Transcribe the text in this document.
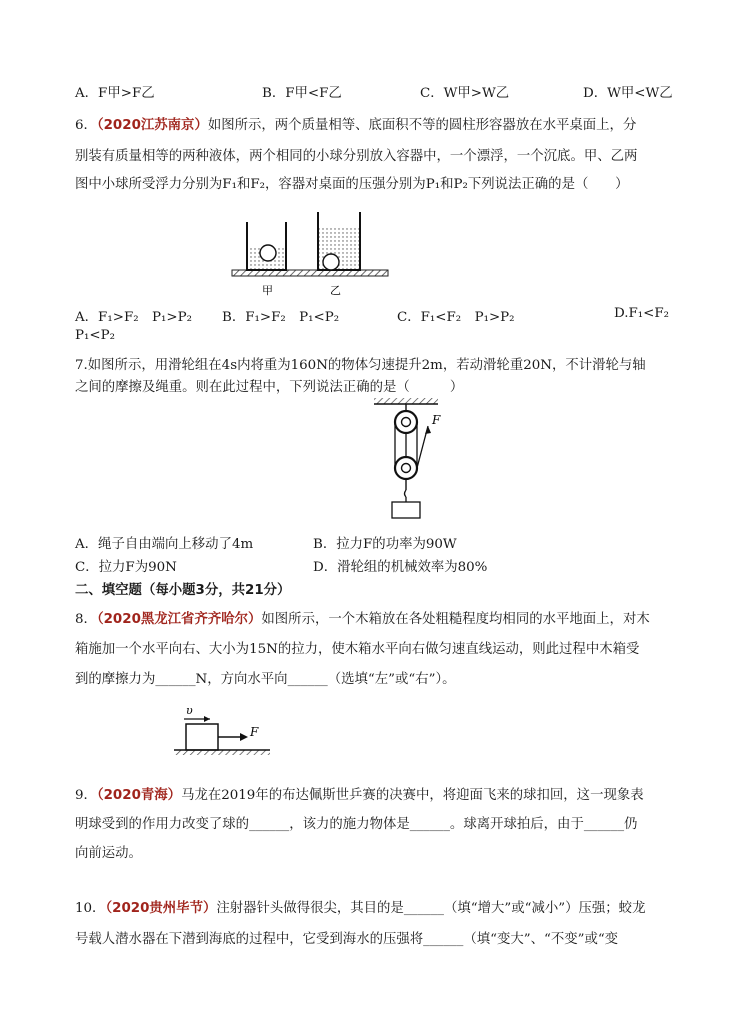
A．F甲>F乙	B．F甲<F乙	C．W甲>W乙	D．W甲<W乙
6．（2020江苏南京）如图所示，两个质量相等、底面积不等的圆柱形容器放在水平桌面上，分
别装有质量相等的两种液体，两个相同的小球分别放入容器中，一个漂浮，一个沉底。甲、乙两
图中小球所受浮力分别为F₁和F₂，容器对桌面的压强分别为P₁和P₂下列说法正确的是（　　）
甲	乙
A．F₁>F₂　P₁>P₂ B．F₁>F₂　P₁<P₂	C．F₁<F₂　P₁>P₂	D.F₁<F₂
P₁<P₂
7.如图所示，用滑轮组在4s内将重为160N的物体匀速提升2m，若动滑轮重20N，不计滑轮与轴
之间的摩擦及绳重。则在此过程中，下列说法正确的是（　　　）
F
A．绳子自由端向上移动了4m	B．拉力F的功率为90W
C．拉力F为90N	D．滑轮组的机械效率为80%
二、填空题（每小题3分，共21分）
8．（2020黑龙江省齐齐哈尔）如图所示，一个木箱放在各处粗糙程度均相同的水平地面上，对木
箱施加一个水平向右、大小为15N的拉力，使木箱水平向右做匀速直线运动，则此过程中木箱受
到的摩擦力为______N，方向水平向______（选填“左”或“右”）。
υ
F
9．（2020青海）马龙在2019年的布达佩斯世乒赛的决赛中，将迎面飞来的球扣回，这一现象表
明球受到的作用力改变了球的______，该力的施力物体是______。球离开球拍后，由于______仍
向前运动。
10．（2020贵州毕节）注射器针头做得很尖，其目的是______（填“增大”或“减小”）压强；蛟龙
号载人潜水器在下潜到海底的过程中，它受到海水的压强将______（填“变大”、“不变”或“变
